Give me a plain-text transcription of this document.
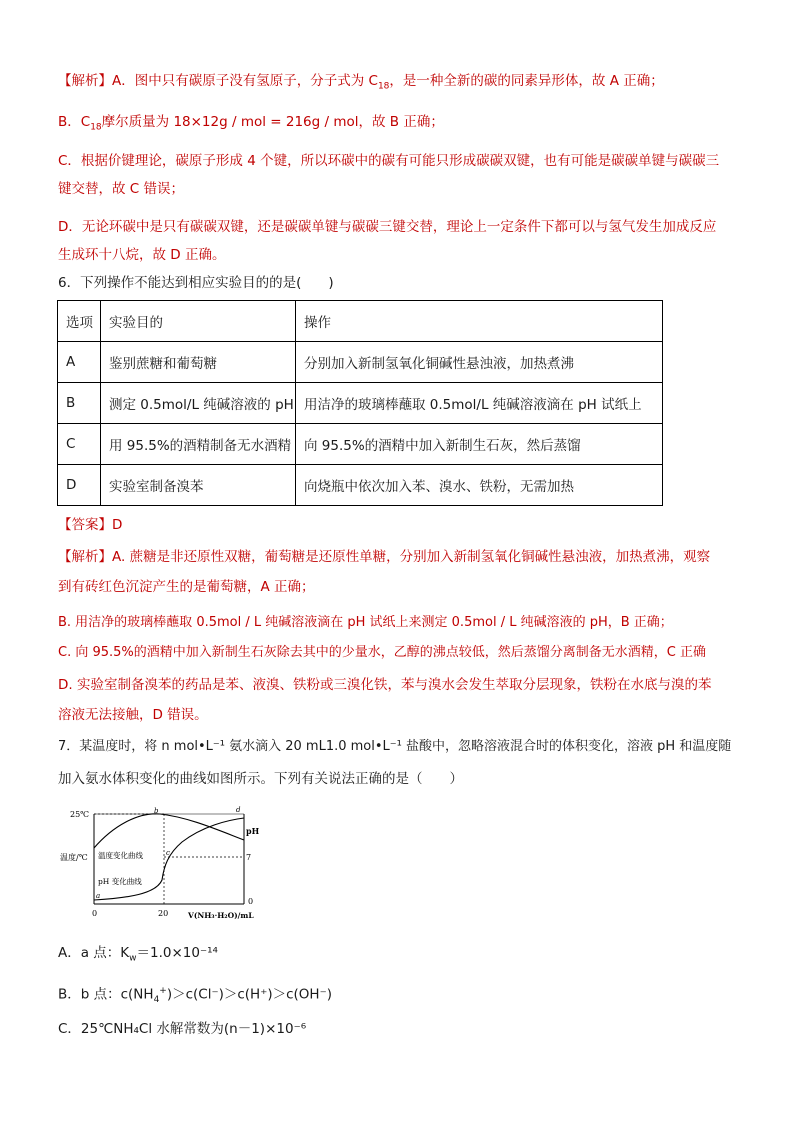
【解析】A．图中只有碳原子没有氢原子，分子式为 $C_{18}$，是一种全新的碳的同素异形体，故 A 正确；
B．$C_{18}$摩尔质量为 18×12g / mol = 216g / mol，故 B 正确；
C．根据价键理论，碳原子形成 4 个键，所以环碳中的碳有可能只形成碳碳双键，也有可能是碳碳单键与碳碳三
键交替，故 C 错误；
D．无论环碳中是只有碳碳双键，还是碳碳单键与碳碳三键交替，理论上一定条件下都可以与氢气发生加成反应
生成环十八烷，故 D 正确。
6．下列操作不能达到相应实验目的的是(　　)
选项	实验目的	操作
A	鉴别蔗糖和葡萄糖	分别加入新制氢氧化铜碱性悬浊液，加热煮沸
B	测定 0.5mol/L 纯碱溶液的 pH	用洁净的玻璃棒蘸取 0.5mol/L 纯碱溶液滴在 pH 试纸上
C	用 95.5%的酒精制备无水酒精	向 95.5%的酒精中加入新制生石灰，然后蒸馏
D	实验室制备溴苯	向烧瓶中依次加入苯、溴水、铁粉，无需加热
【答案】D
【解析】A. 蔗糖是非还原性双糖，葡萄糖是还原性单糖，分别加入新制氢氧化铜碱性悬浊液，加热煮沸，观察
到有砖红色沉淀产生的是葡萄糖，A 正确；
B. 用洁净的玻璃棒蘸取 0.5mol / L 纯碱溶液滴在 pH 试纸上来测定 0.5mol / L 纯碱溶液的 pH，B 正确；
C. 向 95.5%的酒精中加入新制生石灰除去其中的少量水，乙醇的沸点较低，然后蒸馏分离制备无水酒精，C 正确
D. 实验室制备溴苯的药品是苯、液溴、铁粉或三溴化铁，苯与溴水会发生萃取分层现象，铁粉在水底与溴的苯
溶液无法接触，D 错误。
7．某温度时，将 n mol•L⁻¹ 氨水滴入 20 mL1.0 mol•L⁻¹ 盐酸中，忽略溶液混合时的体积变化，溶液 pH 和温度随
加入氨水体积变化的曲线如图所示。下列有关说法正确的是（　　）
25℃
温度/℃ 温度变化曲线
pH 变化曲线
pH
7
0
0	20	V(NH₃·H₂O)/mL
a
b
c
d
A．a 点：$K_w=1.0\times 10^{-14}$
B．b 点：$c(NH_4^+)>c(Cl^-)>c(H^+)>c(OH^-)$
C．25℃NH₄Cl 水解常数为(n－1)×10⁻⁶
